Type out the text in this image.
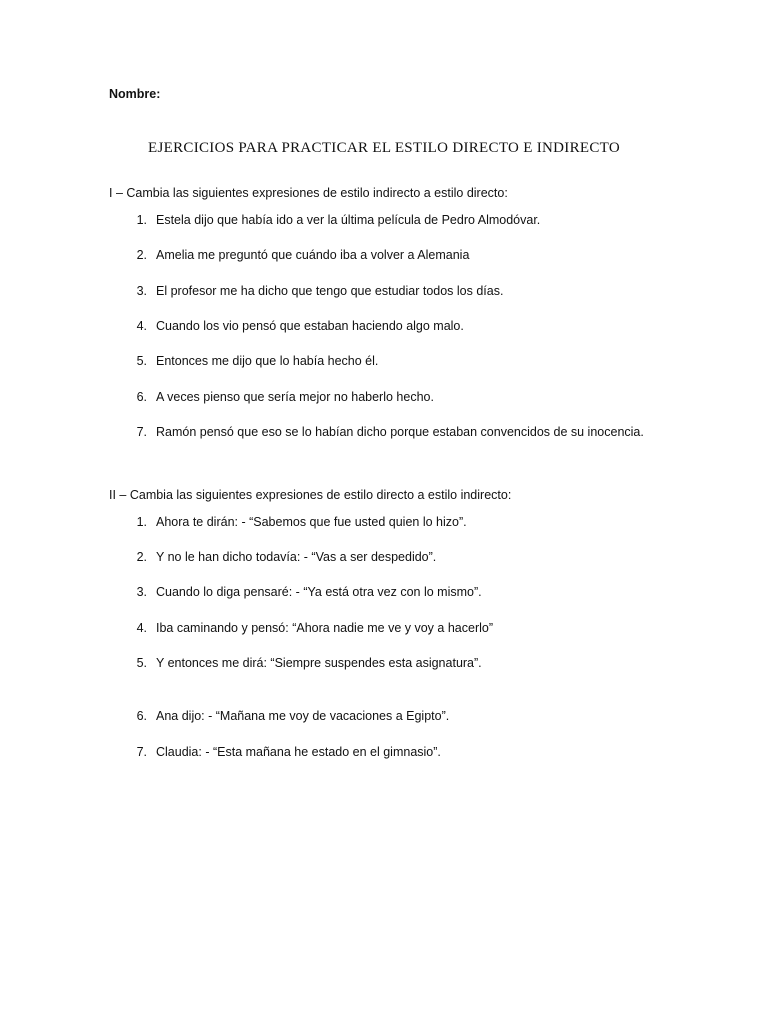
Nombre:

EJERCICIOS PARA PRACTICAR EL ESTILO DIRECTO E INDIRECTO

I – Cambia las siguientes expresiones de estilo indirecto a estilo directo:

1. Estela dijo que había ido a ver la última película de Pedro Almodóvar.
2. Amelia me preguntó que cuándo iba a volver a Alemania
3. El profesor me ha dicho que tengo que estudiar todos los días.
4. Cuando los vio pensó que estaban haciendo algo malo.
5. Entonces me dijo que lo había hecho él.
6. A veces pienso que sería mejor no haberlo hecho.
7. Ramón pensó que eso se lo habían dicho porque estaban convencidos de su inocencia.

II – Cambia las siguientes expresiones de estilo directo a estilo indirecto:

1. Ahora te dirán: - “Sabemos que fue usted quien lo hizo”.
2. Y no le han dicho todavía: - “Vas a ser despedido”.
3. Cuando lo diga pensaré: - “Ya está otra vez con lo mismo”.
4. Iba caminando y pensó: “Ahora nadie me ve y voy a hacerlo”
5. Y entonces me dirá: “Siempre suspendes esta asignatura”.
6. Ana dijo: - “Mañana me voy de vacaciones a Egipto”.
7. Claudia: - “Esta mañana he estado en el gimnasio”.
